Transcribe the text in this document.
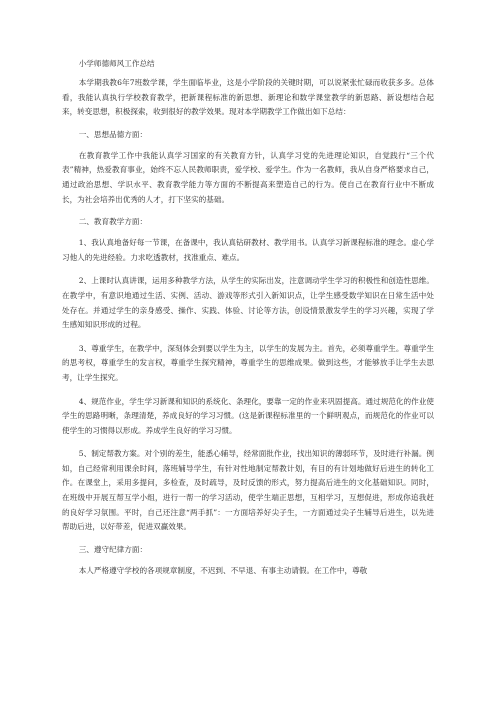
小学师德师风工作总结

本学期我教6年7班数学课，学生面临毕业，这是小学阶段的关键时期，可以说紧张忙碌而收获多多。总体看，我能认真执行学校教育教学，把新课程标准的新思想、新理论和数学课堂教学的新思路、新设想结合起来，转变思想，积极探索，收到很好的教学效果。现对本学期教学工作做出如下总结：

一、思想品德方面：

在教育教学工作中我能认真学习国家的有关教育方针，认真学习党的先进理论知识，自觉践行“三个代表”精神，热爱教育事业，始终不忘人民教师职责，爱学校、爱学生。作为一名教师，我从自身严格要求自己，通过政治思想、学识水平、教育教学能力等方面的不断提高来塑造自己的行为。使自己在教育行业中不断成长，为社会培养出优秀的人才，打下坚实的基础。

二、教育教学方面：

1、我认真地备好每一节课，在备课中，我认真钻研教材、教学用书。认真学习新课程标准的理念。虚心学习他人的先进经验。力求吃透教材，找准重点、难点。

2、上课时认真讲课，运用多种教学方法，从学生的实际出发，注意调动学生学习的积极性和创造性思维。在教学中，有意识地通过生活、实例、活动、游戏等形式引入新知识点，让学生感受数学知识在日常生活中处处存在。并通过学生的亲身感受、操作、实践、体验、讨论等方法，创设情景激发学生的学习兴趣，实现了学生感知知识形成的过程。

3、尊重学生，在教学中，深刻体会到要以学生为主，以学生的发展为主。首先，必须尊重学生。尊重学生的思考权，尊重学生的发言权，尊重学生探究精神，尊重学生的思维成果。做到这些，才能够放手让学生去思考，让学生探究。

4、规范作业，学生学习新课和知识的系统化、条理化，要靠一定的作业来巩固提高。通过规范化的作业使学生的思路明晰，条理清楚，养成良好的学习习惯。(这是新课程标准里的一个鲜明观点，而规范化的作业可以使学生的习惯得以形成。养成学生良好的学习习惯。

5、制定帮教方案。对个别的差生，能悉心辅导，经常面批作业，找出知识的薄弱环节，及时进行补漏。例如，自己经常利用课余时间，落班辅导学生，有针对性地制定帮教计划，有目的有计划地做好后进生的转化工作。在课堂上，采用多提问，多检查，及时疏导，及时反馈的形式，努力提高后进生的文化基础知识。同时，在班级中开展互帮互学小组，进行一帮一的学习活动，使学生端正思想，互相学习，互想促进，形成你追我赶的良好学习氛围。平时，自己还注意“两手抓”：一方面培养好尖子生，一方面通过尖子生辅导后进生，以先进帮助后进，以好带差，促进双赢效果。

三、遵守纪律方面：

本人严格遵守学校的各项规章制度，不迟到、不早退、有事主动请假。在工作中，尊敬
